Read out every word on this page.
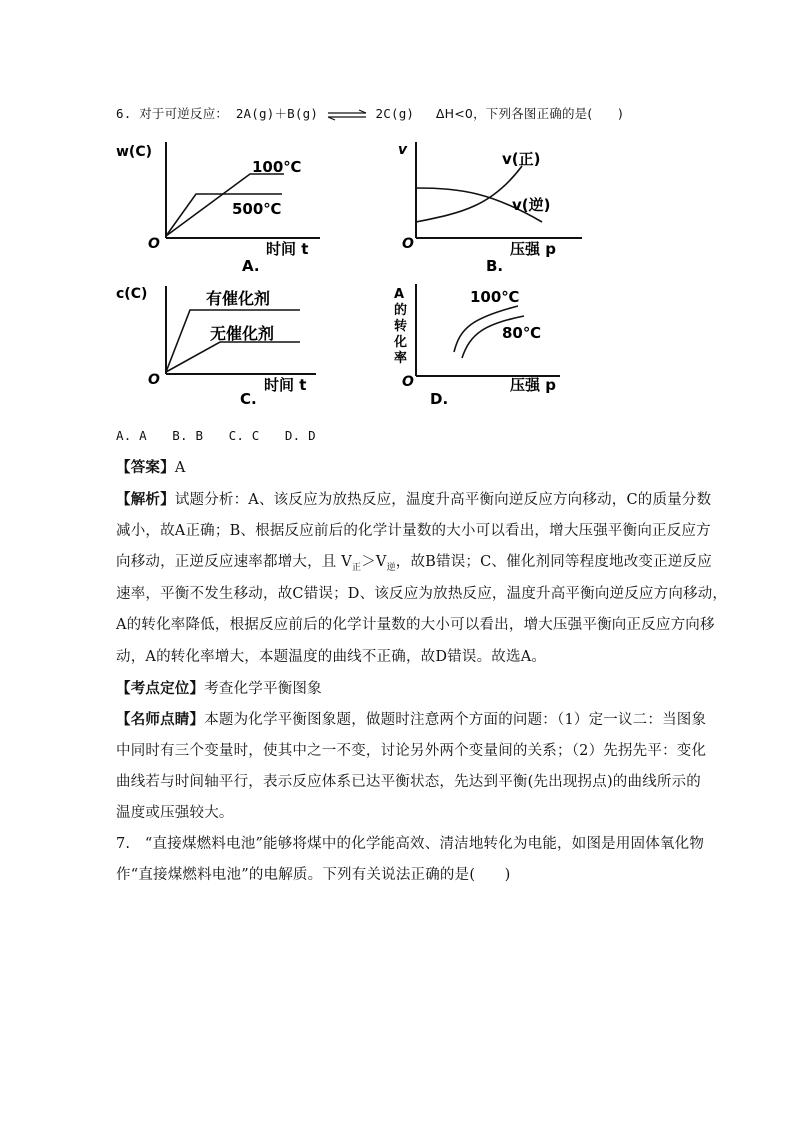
6. 对于可逆反应： 2A(g)＋B(g) ⇌ 2C(g) ΔH<0，下列各图正确的是(　　)
w(C)
O	时间 t
100℃
500℃
A.
v
O	压强 p
v(正)
v(逆)
B.
c(C)
O	时间 t
有催化剂
无催化剂
C.
A
的
转
化
率
O	压强 p
100℃
80℃
D.
A. A　　B. B　　C. C　　D. D
【答案】A
【解析】试题分析：A、该反应为放热反应，温度升高平衡向逆反应方向移动，C的质量分数
减小，故A正确；B、根据反应前后的化学计量数的大小可以看出，增大压强平衡向正反应方
向移动，正逆反应速率都增大，且 $V_正>V_逆$，故B错误；C、催化剂同等程度地改变正逆反应
速率，平衡不发生移动，故C错误；D、该反应为放热反应，温度升高平衡向逆反应方向移动，
A的转化率降低，根据反应前后的化学计量数的大小可以看出，增大压强平衡向正反应方向移
动，A的转化率增大，本题温度的曲线不正确，故D错误。故选A。
【考点定位】考查化学平衡图象
【名师点睛】本题为化学平衡图象题，做题时注意两个方面的问题：（1）定一议二：当图象
中同时有三个变量时，使其中之一不变，讨论另外两个变量间的关系；（2）先拐先平：变化
曲线若与时间轴平行，表示反应体系已达平衡状态，先达到平衡(先出现拐点)的曲线所示的
温度或压强较大。
7.　“直接煤燃料电池”能够将煤中的化学能高效、清洁地转化为电能，如图是用固体氧化物
作“直接煤燃料电池”的电解质。下列有关说法正确的是(　　)
